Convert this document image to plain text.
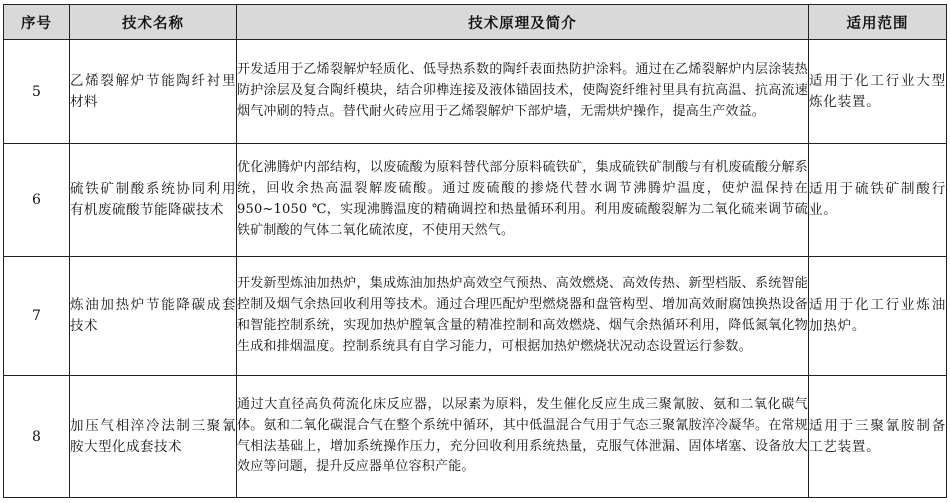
序号	技术名称	技术原理及简介	适用范围
5	乙烯裂解炉节能陶纤衬里材料	开发适用于乙烯裂解炉轻质化、低导热系数的陶纤表面热防护涂料。通过在乙烯裂解炉内层涂装热防护涂层及复合陶纤模块，结合卯榫连接及液体锚固技术，使陶瓷纤维衬里具有抗高温、抗高流速烟气冲刷的特点。替代耐火砖应用于乙烯裂解炉下部炉墙，无需烘炉操作，提高生产效益。	适用于化工行业大型炼化装置。
6	硫铁矿制酸系统协同利用有机废硫酸节能降碳技术	优化沸腾炉内部结构，以废硫酸为原料替代部分原料硫铁矿，集成硫铁矿制酸与有机废硫酸分解系统，回收余热高温裂解废硫酸。通过废硫酸的掺烧代替水调节沸腾炉温度，使炉温保持在 950~1050 ℃，实现沸腾温度的精确调控和热量循环利用。利用废硫酸裂解为二氧化硫来调节硫铁矿制酸的气体二氧化硫浓度，不使用天然气。	适用于硫铁矿制酸行业。
7	炼油加热炉节能降碳成套技术	开发新型炼油加热炉，集成炼油加热炉高效空气预热、高效燃烧、高效传热、新型档版、系统智能控制及烟气余热回收利用等技术。通过合理匹配炉型燃烧器和盘管构型、增加高效耐腐蚀换热设备和智能控制系统，实现加热炉膛氧含量的精准控制和高效燃烧、烟气余热循环利用，降低氮氧化物生成和排烟温度。控制系统具有自学习能力，可根据加热炉燃烧状况动态设置运行参数。	适用于化工行业炼油加热炉。
8	加压气相淬冷法制三聚氰胺大型化成套技术	通过大直径高负荷流化床反应器，以尿素为原料，发生催化反应生成三聚氰胺、氨和二氧化碳气体。氨和二氧化碳混合气在整个系统中循环，其中低温混合气用于气态三聚氰胺淬冷凝华。在常规气相法基础上，增加系统操作压力，充分回收利用系统热量，克服气体泄漏、固体堵塞、设备放大效应等问题，提升反应器单位容积产能。	适用于三聚氰胺制备工艺装置。
